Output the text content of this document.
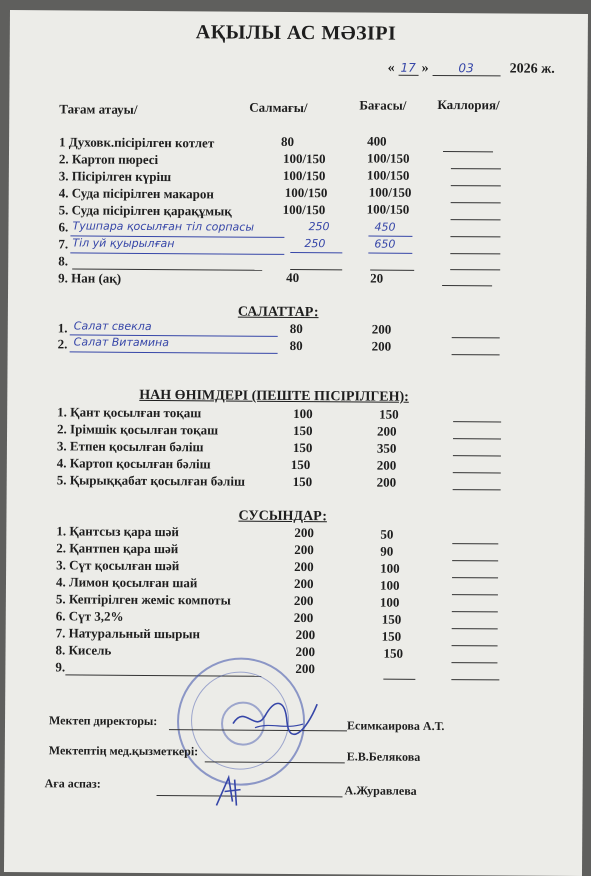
АҚЫЛЫ АС МӘЗІРІ
« 17 » 03	2026 ж.
Тағам атауы/	Салмағы/	Бағасы/ Каллория/
1 Духовк.пісірілген котлет	80	400
2. Картоп пюресі	100/150	100/150
3. Пісірілген күріш	100/150	100/150
4. Суда пісірілген макарон	100/150	100/150
5. Суда пісірілген қарақұмық	100/150	100/150
6. Тушпара қосылған тіл сорпасы	250	450
7. Тіл уй қуырылған	250	650
8.
9. Нан (ақ)	40	20
САЛАТТАР:
1. Салат свекла	80	200
2. Салат Витамина	80	200
НАН ӨНІМДЕРІ (ПЕШТЕ ПІСІРІЛГЕН):
1. Қант қосылған тоқаш	100	150
2. Ірімшік қосылған тоқаш	150	200
3. Етпен қосылған бәліш	150	350
4. Картоп қосылған бәліш	150	200
5. Қырыққабат қосылған бәліш	150	200
СУСЫНДАР:
1. Қантсыз қара шәй	200	50
2. Қантпен қара шәй	200	90
3. Сүт қосылған шәй	200	100
4. Лимон қосылған шай	200	100
5. Кептірілген жеміс компоты	200	100
6. Сүт 3,2%	200	150
7. Натуральный шырын	200	150
8. Кисель	200	150
9.	200
Мектеп директоры:	Есимкаирова А.Т.
Мектептің мед.қызметкері:	Е.В.Белякова
Аға аспаз:	А.Журавлева
